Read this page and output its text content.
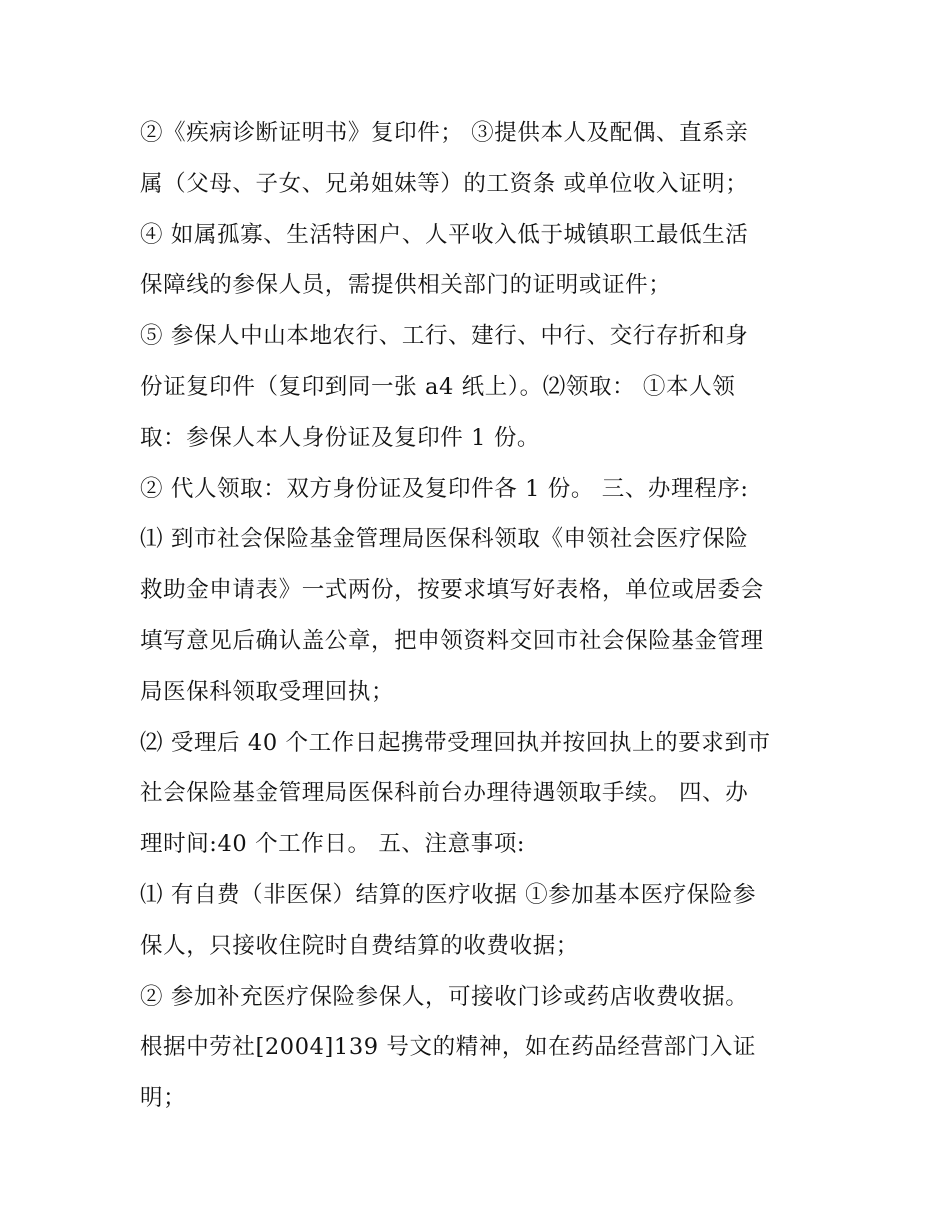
②《疾病诊断证明书》复印件； ③提供本人及配偶、直系亲
属（父母、子女、兄弟姐妹等）的工资条 或单位收入证明；
④ 如属孤寡、生活特困户、人平收入低于城镇职工最低生活
保障线的参保人员，需提供相关部门的证明或证件；
⑤ 参保人中山本地农行、工行、建行、中行、交行存折和身
份证复印件（复印到同一张 a4 纸上）。⑵领取： ①本人领
取：参保人本人身份证及复印件 1 份。
② 代人领取：双方身份证及复印件各 1 份。 三、办理程序:
⑴ 到市社会保险基金管理局医保科领取《申领社会医疗保险
救助金申请表》一式两份，按要求填写好表格，单位或居委会
填写意见后确认盖公章，把申领资料交回市社会保险基金管理
局医保科领取受理回执；
⑵ 受理后 40 个工作日起携带受理回执并按回执上的要求到市
社会保险基金管理局医保科前台办理待遇领取手续。 四、办
理时间:40 个工作日。 五、注意事项:
⑴ 有自费（非医保）结算的医疗收据 ①参加基本医疗保险参
保人，只接收住院时自费结算的收费收据；
② 参加补充医疗保险参保人，可接收门诊或药店收费收据。
根据中劳社[2004]139 号文的精神，如在药品经营部门入证
明；
